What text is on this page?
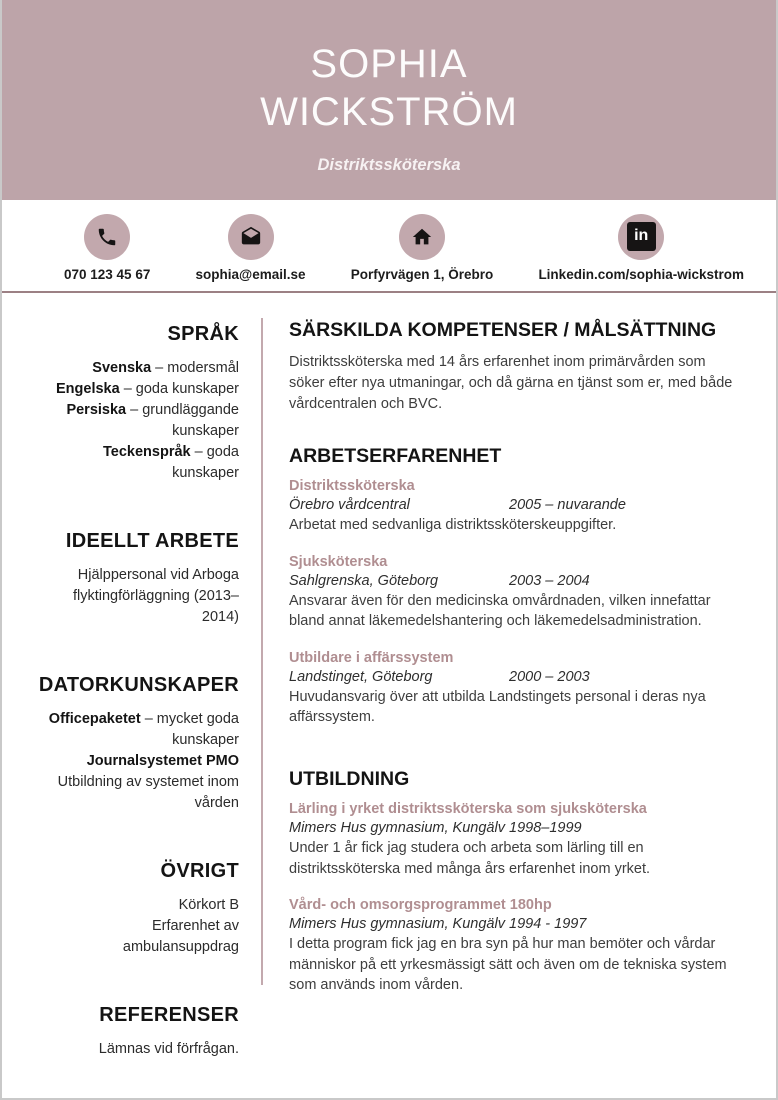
SOPHIA WICKSTRÖM
Distriktssköterska
070 123 45 67	sophia@email.se	Porfyrvägen 1, Örebro
in
Linkedin.com/sophia-wickstrom
SPRÅK
Svenska – modersmål
Engelska – goda kunskaper
Persiska – grundläggande kunskaper
Teckenspråk – goda kunskaper
IDEELLT ARBETE
Hjälppersonal vid Arboga flyktingförläggning (2013–2014)
DATORKUNSKAPER
Officepaketet – mycket goda kunskaper
Journalsystemet PMO
Utbildning av systemet inom vården
ÖVRIGT
Körkort B
Erfarenhet av ambulansuppdrag
REFERENSER
Lämnas vid förfrågan.
SÄRSKILDA KOMPETENSER / MÅLSÄTTNING

Distriktssköterska med 14 års erfarenhet inom primärvården som söker efter nya utmaningar, och då gärna en tjänst som er, med både vårdcentralen och BVC.

ARBETSERFARENHET
Distriktssköterska
Örebro vårdcentral	2005 – nuvarande
Arbetat med sedvanliga distriktssköterskeuppgifter.
Sjuksköterska
Sahlgrenska, Göteborg	2003 – 2004
Ansvarar även för den medicinska omvårdnaden, vilken innefattar bland annat läkemedelshantering och läkemedelsadministration.
Utbildare i affärssystem
Landstinget, Göteborg	2000 – 2003
Huvudansvarig över att utbilda Landstingets personal i deras nya affärssystem.
UTBILDNING
Lärling i yrket distriktssköterska som sjuksköterska
Mimers Hus gymnasium, Kungälv 1998–1999
Under 1 år fick jag studera och arbeta som lärling till en distriktssköterska med många års erfarenhet inom yrket.
Vård- och omsorgsprogrammet 180hp
Mimers Hus gymnasium, Kungälv 1994 - 1997
I detta program fick jag en bra syn på hur man bemöter och vårdar människor på ett yrkesmässigt sätt och även om de tekniska system som används inom vården.
